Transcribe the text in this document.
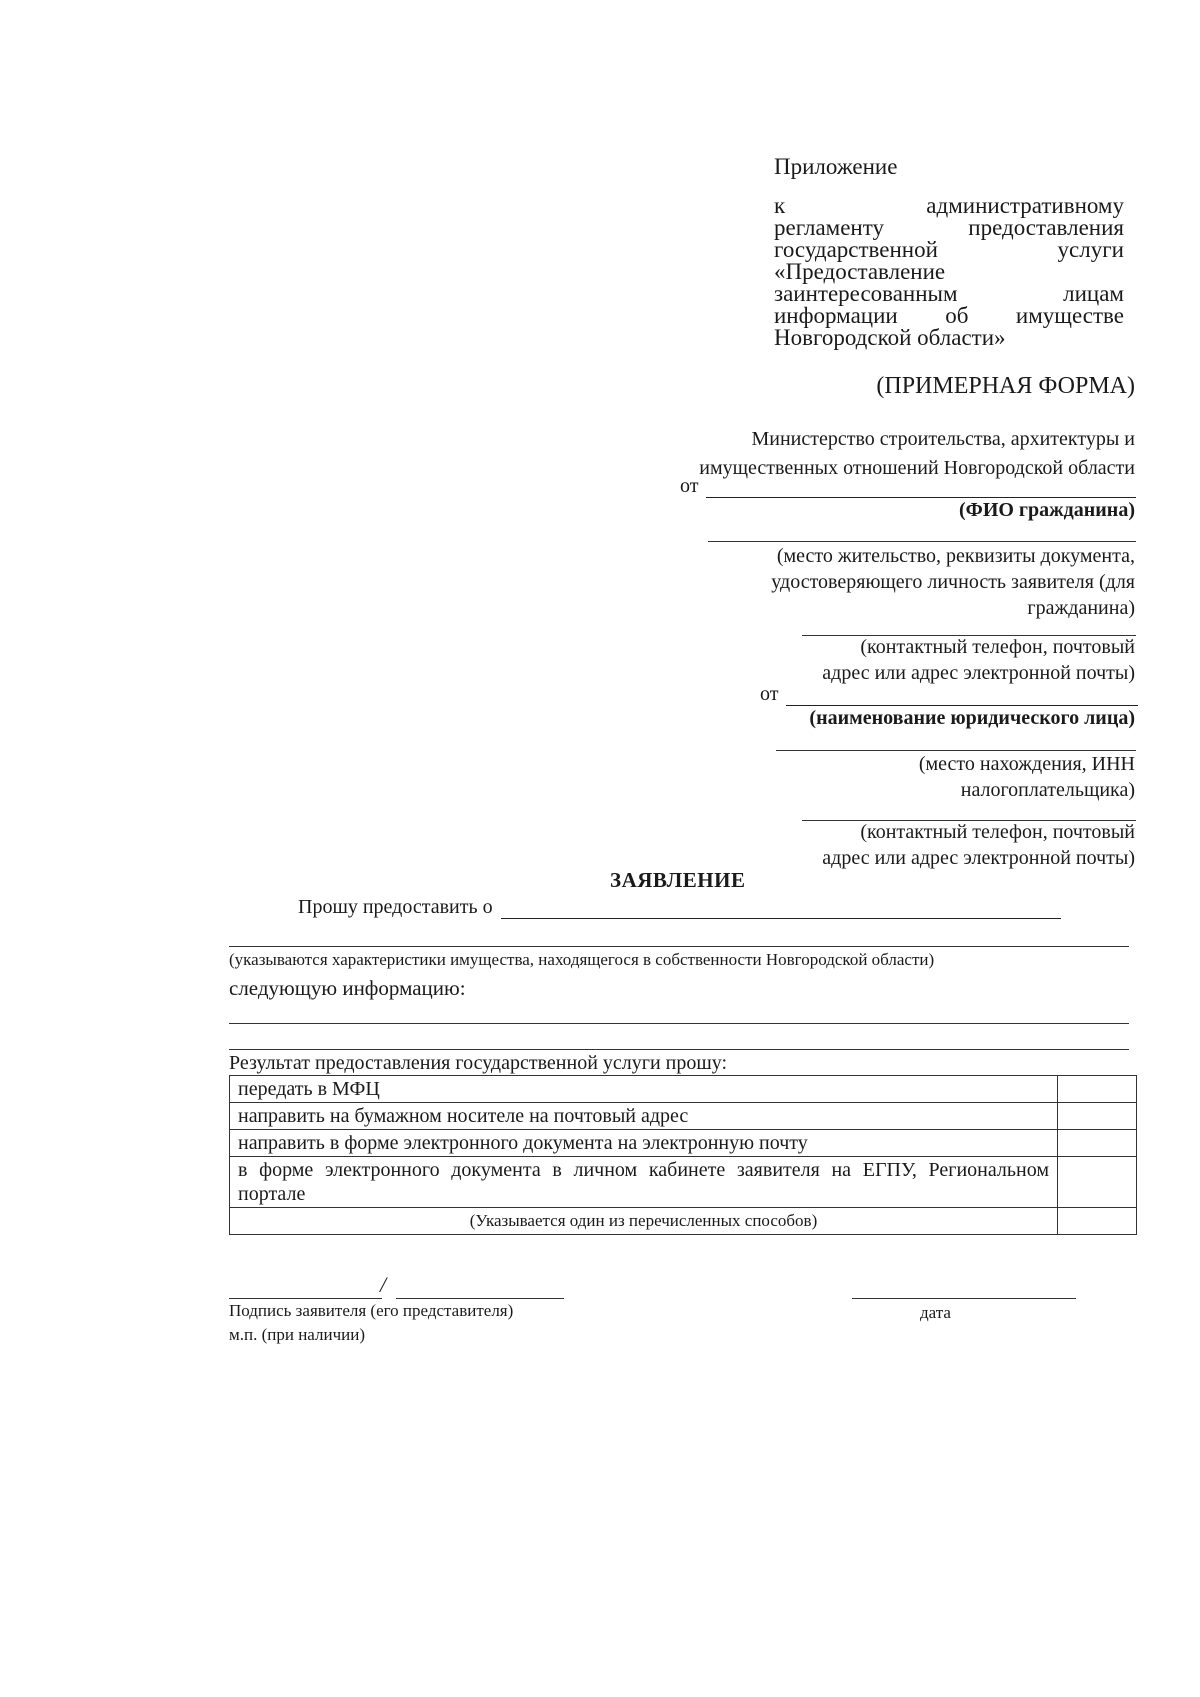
Приложение
к административному
регламенту предоставления
государственной услуги
«Предоставление
заинтересованным лицам
информации об имуществе
Новгородской области»
(ПРИМЕРНАЯ ФОРМА)
Министерство строительства, архитектуры и
имущественных отношений Новгородской области
от
(ФИО гражданина)
(место жительство, реквизиты документа,
удостоверяющего личность заявителя (для
гражданина)
(контактный телефон, почтовый
адрес или адрес электронной почты)
от
(наименование юридического лица)
(место нахождения, ИНН
налогоплательщика)
(контактный телефон, почтовый
адрес или адрес электронной почты)
ЗАЯВЛЕНИЕ
Прошу предоставить о
(указываются характеристики имущества, находящегося в собственности Новгородской области)
следующую информацию:
Результат предоставления государственной услуги прошу:
передать в МФЦ	
направить на бумажном носителе на почтовый адрес	
направить в форме электронного документа на электронную почту	
в форме электронного документа в личном кабинете заявителя на ЕГПУ, Региональном портале	
(Указывается один из перечисленных способов)	
/
Подпись заявителя (его представителя)
м.п. (при наличии)
дата
